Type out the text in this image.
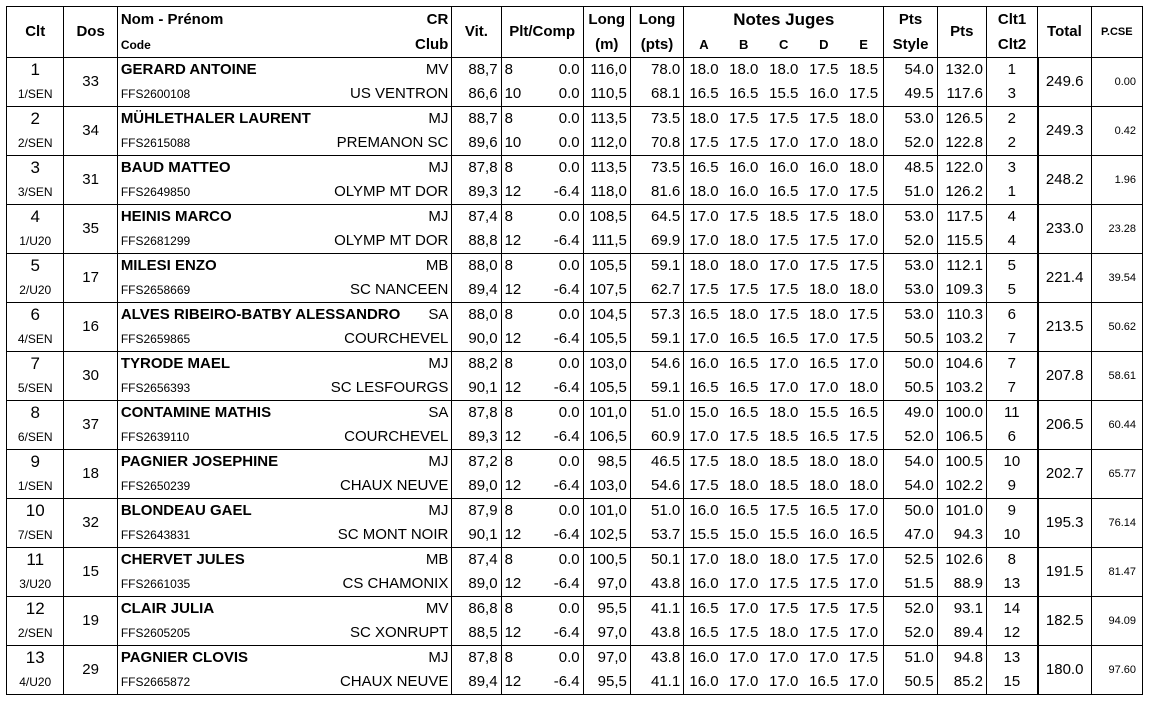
Clt	Dos	Nom - Prénom CR	Vit.	Plt/Comp		Long	Long	Notes Juges					Pts	Pts	Clt1	Total	P.CSE

		Code Club				(m)	(pts)	A	B	C	D	E	Style		Clt2		
1	33	GERARD ANTOINE MV	88,7	8	0.0	116,0	78.0	18.0	18.0	18.0	17.5	18.5	54.0	132.0	1	249.6	0.00
1/SEN		FFS2600108 US VENTRON	86,6	10	0.0	110,5	68.1	16.5	16.5	15.5	16.0	17.5	49.5	117.6	3		
2	34	MÜHLETHALER LAURENT MJ	88,7	8	0.0	113,5	73.5	18.0	17.5	17.5	17.5	18.0	53.0	126.5	2	249.3	0.42
2/SEN		FFS2615088 PREMANON SC	89,6	10	0.0	112,0	70.8	17.5	17.5	17.0	17.0	18.0	52.0	122.8	2		
3	31	BAUD MATTEO MJ	87,8	8	0.0	113,5	73.5	16.5	16.0	16.0	16.0	18.0	48.5	122.0	3	248.2	1.96
3/SEN		FFS2649850 OLYMP MT DOR	89,3	12	-6.4	118,0	81.6	18.0	16.0	16.5	17.0	17.5	51.0	126.2	1		
4	35	HEINIS MARCO MJ	87,4	8	0.0	108,5	64.5	17.0	17.5	18.5	17.5	18.0	53.0	117.5	4	233.0	23.28
1/U20		FFS2681299 OLYMP MT DOR	88,8	12	-6.4	111,5	69.9	17.0	18.0	17.5	17.5	17.0	52.0	115.5	4		
5	17	MILESI ENZO MB	88,0	8	0.0	105,5	59.1	18.0	18.0	17.0	17.5	17.5	53.0	112.1	5	221.4	39.54
2/U20		FFS2658669 SC NANCEEN	89,4	12	-6.4	107,5	62.7	17.5	17.5	17.5	18.0	18.0	53.0	109.3	5		
6	16	ALVES RIBEIRO-BATBY ALESSANDRO SA	88,0	8	0.0	104,5	57.3	16.5	18.0	17.5	18.0	17.5	53.0	110.3	6	213.5	50.62
4/SEN		FFS2659865 COURCHEVEL	90,0	12	-6.4	105,5	59.1	17.0	16.5	16.5	17.0	17.5	50.5	103.2	7		
7	30	TYRODE MAEL MJ	88,2	8	0.0	103,0	54.6	16.0	16.5	17.0	16.5	17.0	50.0	104.6	7	207.8	58.61
5/SEN		FFS2656393 SC LESFOURGS	90,1	12	-6.4	105,5	59.1	16.5	16.5	17.0	17.0	18.0	50.5	103.2	7		
8	37	CONTAMINE MATHIS SA	87,8	8	0.0	101,0	51.0	15.0	16.5	18.0	15.5	16.5	49.0	100.0	11	206.5	60.44
6/SEN		FFS2639110 COURCHEVEL	89,3	12	-6.4	106,5	60.9	17.0	17.5	18.5	16.5	17.5	52.0	106.5	6		
9	18	PAGNIER JOSEPHINE MJ	87,2	8	0.0	98,5	46.5	17.5	18.0	18.5	18.0	18.0	54.0	100.5	10	202.7	65.77
1/SEN		FFS2650239 CHAUX NEUVE	89,0	12	-6.4	103,0	54.6	17.5	18.0	18.5	18.0	18.0	54.0	102.2	9		
10	32	BLONDEAU GAEL MJ	87,9	8	0.0	101,0	51.0	16.0	16.5	17.5	16.5	17.0	50.0	101.0	9	195.3	76.14
7/SEN		FFS2643831 SC MONT NOIR	90,1	12	-6.4	102,5	53.7	15.5	15.0	15.5	16.0	16.5	47.0	94.3	10		
11	15	CHERVET JULES MB	87,4	8	0.0	100,5	50.1	17.0	18.0	18.0	17.5	17.0	52.5	102.6	8	191.5	81.47
3/U20		FFS2661035 CS CHAMONIX	89,0	12	-6.4	97,0	43.8	16.0	17.0	17.5	17.5	17.0	51.5	88.9	13		
12	19	CLAIR JULIA MV	86,8	8	0.0	95,5	41.1	16.5	17.0	17.5	17.5	17.5	52.0	93.1	14	182.5	94.09
2/SEN		FFS2605205 SC XONRUPT	88,5	12	-6.4	97,0	43.8	16.5	17.5	18.0	17.5	17.0	52.0	89.4	12		
13	29	PAGNIER CLOVIS MJ	87,8	8	0.0	97,0	43.8	16.0	17.0	17.0	17.0	17.5	51.0	94.8	13	180.0	97.60
4/U20		FFS2665872 CHAUX NEUVE	89,4	12	-6.4	95,5	41.1	16.0	17.0	17.0	16.5	17.0	50.5	85.2	15		
